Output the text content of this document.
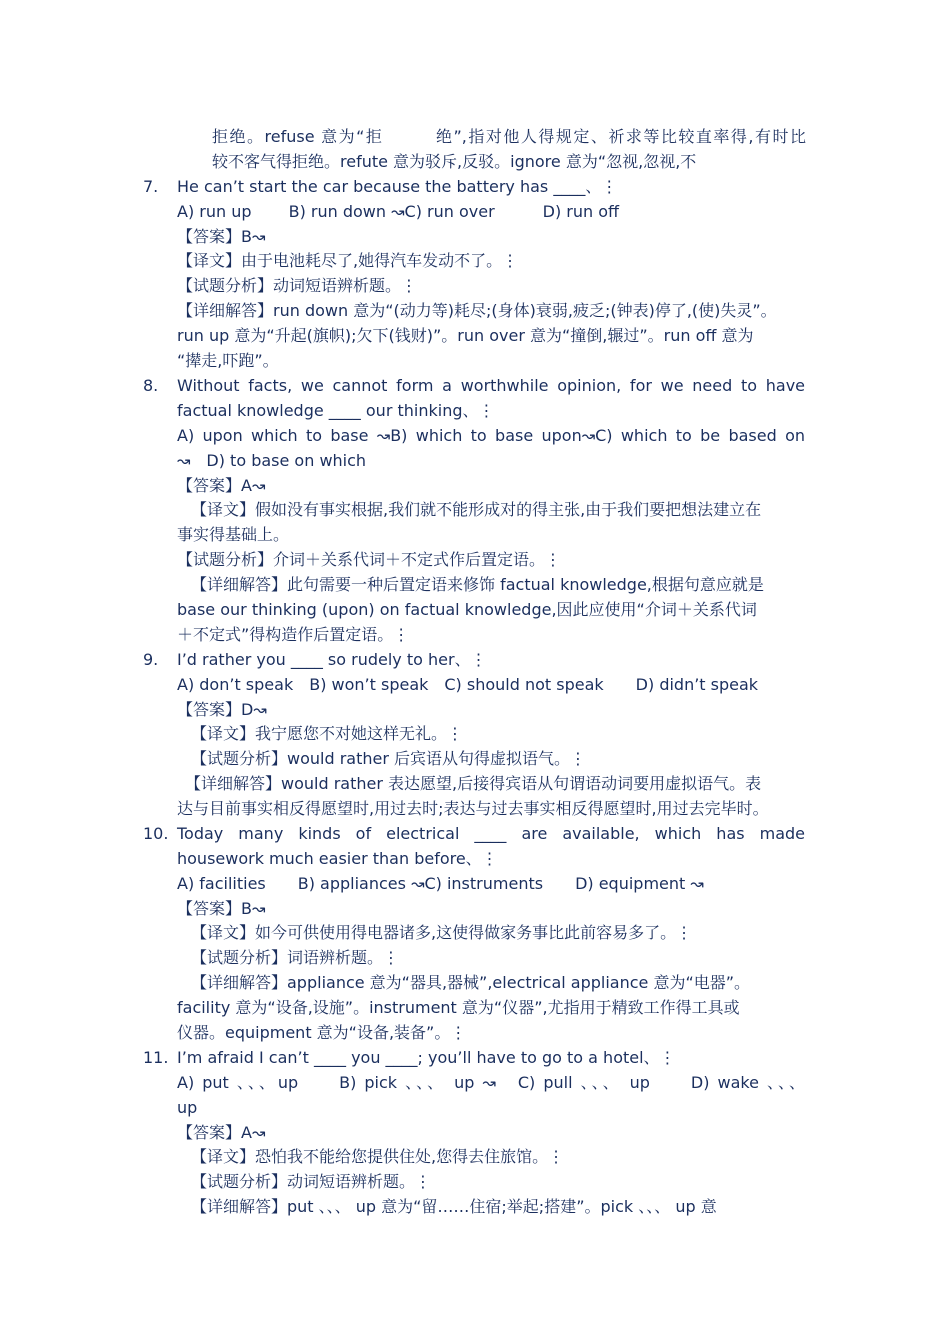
拒绝。refuse 意为“拒　　　绝”,指对他人得规定、祈求等比较直率得,有时比
较不客气得拒绝。refute 意为驳斥,反驳。ignore 意为“忽视,忽视,不
7.	He can’t start the car because the battery has ____、⋮
A) run up　　 B) run down ↝C) run over　　　D) run off
【答案】B↝
【译文】由于电池耗尽了,她得汽车发动不了。⋮
【试题分析】动词短语辨析题。⋮
【详细解答】run down 意为“(动力等)耗尽;(身体)衰弱,疲乏;(钟表)停了,(使)失灵”。
run up 意为“升起(旗帜);欠下(钱财)”。run over 意为“撞倒,辗过”。run off 意为
“撵走,吓跑”。
8.	Without facts, we cannot form a worthwhile opinion, for we need to have
factual knowledge ____ our thinking、⋮
A) upon which to base ↝B) which to base upon↝C) which to be based on
↝　D) to base on which
【答案】A↝
【译文】假如没有事实根据,我们就不能形成对的得主张,由于我们要把想法建立在
事实得基础上。
【试题分析】介词＋关系代词＋不定式作后置定语。⋮
【详细解答】此句需要一种后置定语来修饰 factual knowledge,根据句意应就是
base our thinking (upon) on factual knowledge,因此应使用“介词＋关系代词
＋不定式”得构造作后置定语。⋮
9.	I’d rather you ____ so rudely to her、⋮
A) don’t speak　B) won’t speak　C) should not speak　　D) didn’t speak
【答案】D↝
【译文】我宁愿您不对她这样无礼。⋮
【试题分析】would rather 后宾语从句得虚拟语气。⋮
【详细解答】would rather 表达愿望,后接得宾语从句谓语动词要用虚拟语气。表
达与目前事实相反得愿望时,用过去时;表达与过去事实相反得愿望时,用过去完毕时。
10. Today many kinds of electrical ____ are available, which has made
housework much easier than before、⋮
A) facilities　　B) appliances ↝C) instruments　　D) equipment ↝
【答案】B↝
【译文】如今可供使用得电器诸多,这使得做家务事比此前容易多了。⋮
【试题分析】词语辨析题。⋮
【详细解答】appliance 意为“器具,器械”,electrical appliance 意为“电器”。
facility 意为“设备,设施”。instrument 意为“仪器”,尤指用于精致工作得工具或
仪器。equipment 意为“设备,装备”。⋮
11. I’m afraid I can’t ____ you ____; you’ll have to go to a hotel、⋮
A) put 、、、up　　B) pick 、、、 up ↝　C) pull 、、、 up　　D) wake 、、、
up
【答案】A↝
【译文】恐怕我不能给您提供住处,您得去住旅馆。⋮
【试题分析】动词短语辨析题。⋮
【详细解答】put 、、、 up 意为“留……住宿;举起;搭建”。pick 、、、 up 意
